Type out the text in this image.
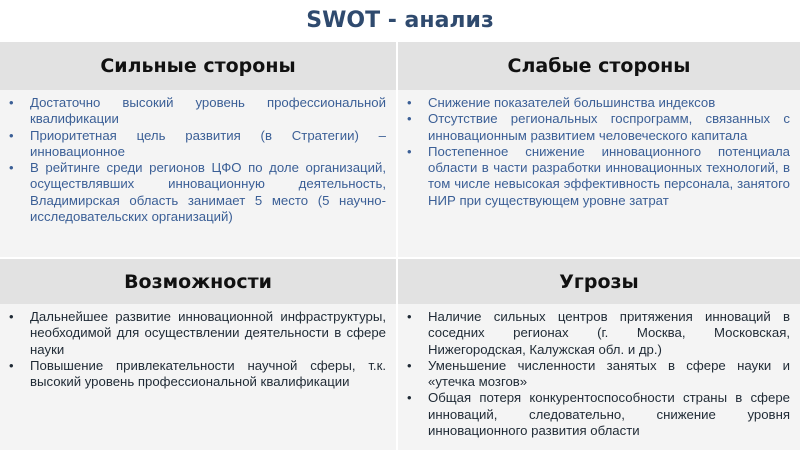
SWOT - анализ
Сильные стороны	Слабые стороны
• Достаточно высокий уровень профессиональной квалификации
• Приоритетная цель развития (в Стратегии) – инновационное
• В рейтинге среди регионов ЦФО по доле организаций, осуществлявших инновационную деятельность, Владимирская область занимает 5 место (5 научно-исследовательских организаций)
• Снижение показателей большинства индексов
• Отсутствие региональных госпрограмм, связанных с инновационным развитием человеческого капитала
• Постепенное снижение инновационного потенциала области в части разработки инновационных технологий, в том числе невысокая эффективность персонала, занятого НИР при существующем уровне затрат
Возможности	Угрозы
• Дальнейшее развитие инновационной инфраструктуры, необходимой для осуществлении деятельности в сфере науки
• Повышение привлекательности научной сферы, т.к. высокий уровень профессиональной квалификации
• Наличие сильных центров притяжения инноваций в соседних регионах (г. Москва, Московская, Нижегородская, Калужская обл. и др.)
• Уменьшение численности занятых в сфере науки и «утечка мозгов»
• Общая потеря конкурентоспособности страны в сфере инноваций, следовательно, снижение уровня инновационного развития области
